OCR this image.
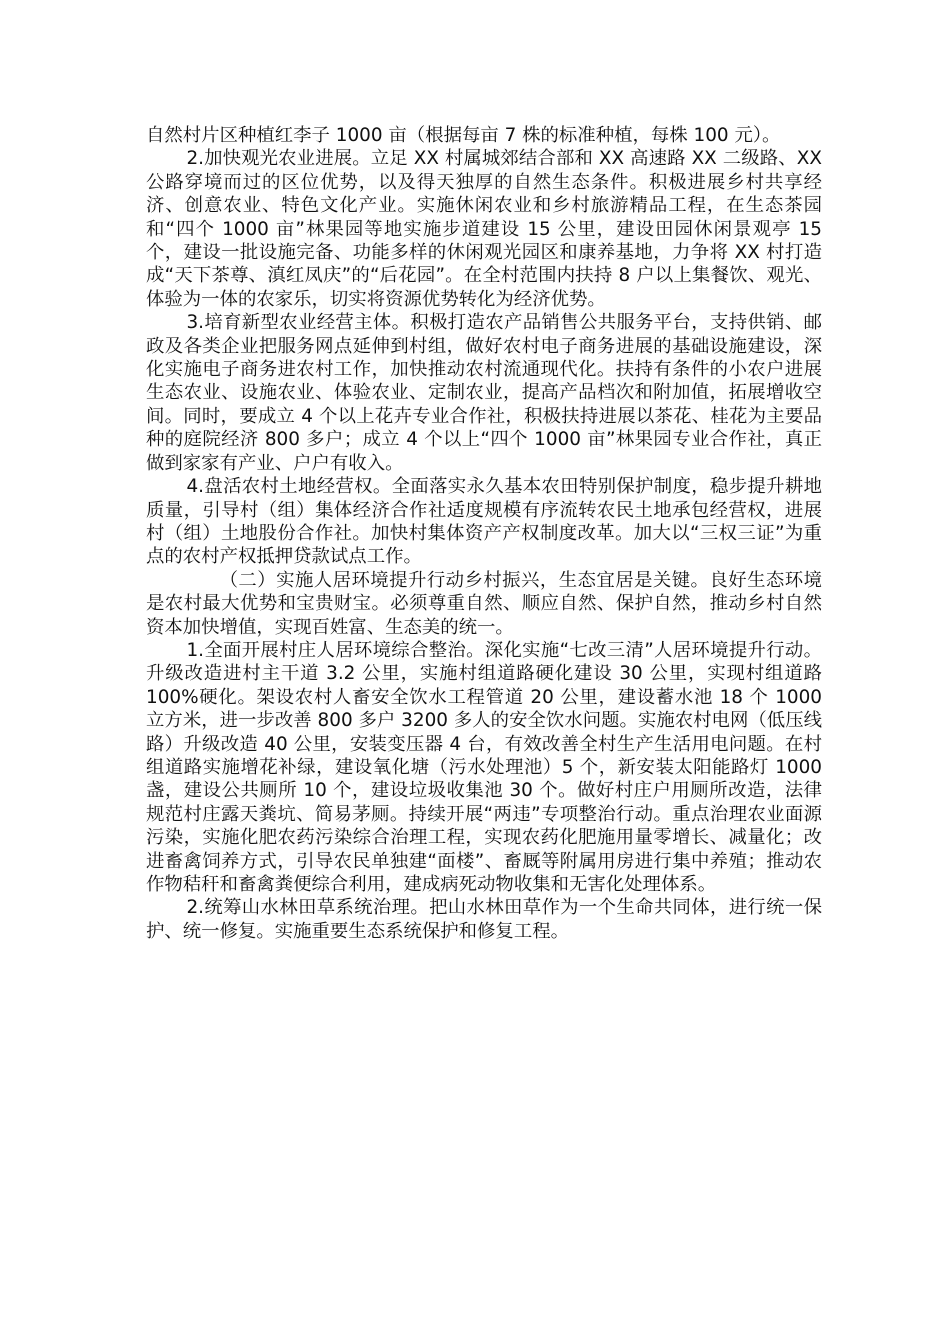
自然村片区种植红李子 1000 亩（根据每亩 7 株的标准种植，每株 100 元）。

2.加快观光农业进展。立足 XX 村属城郊结合部和 XX 高速路 XX 二级路、XX 公路穿境而过的区位优势，以及得天独厚的自然生态条件。积极进展乡村共享经济、创意农业、特色文化产业。实施休闲农业和乡村旅游精品工程，在生态茶园和“四个 1000 亩”林果园等地实施步道建设 15 公里，建设田园休闲景观亭 15 个，建设一批设施完备、功能多样的休闲观光园区和康养基地，力争将 XX 村打造成“天下茶尊、滇红凤庆”的“后花园”。在全村范围内扶持 8 户以上集餐饮、观光、体验为一体的农家乐，切实将资源优势转化为经济优势。

3.培育新型农业经营主体。积极打造农产品销售公共服务平台，支持供销、邮政及各类企业把服务网点延伸到村组，做好农村电子商务进展的基础设施建设，深化实施电子商务进农村工作，加快推动农村流通现代化。扶持有条件的小农户进展生态农业、设施农业、体验农业、定制农业，提高产品档次和附加值，拓展增收空间。同时，要成立 4 个以上花卉专业合作社，积极扶持进展以茶花、桂花为主要品种的庭院经济 800 多户；成立 4 个以上“四个 1000 亩”林果园专业合作社，真正做到家家有产业、户户有收入。

4.盘活农村土地经营权。全面落实永久基本农田特别保护制度，稳步提升耕地质量，引导村（组）集体经济合作社适度规模有序流转农民土地承包经营权，进展村（组）土地股份合作社。加快村集体资产产权制度改革。加大以“三权三证”为重点的农村产权抵押贷款试点工作。

（二）实施人居环境提升行动乡村振兴，生态宜居是关键。良好生态环境是农村最大优势和宝贵财宝。必须尊重自然、顺应自然、保护自然，推动乡村自然资本加快增值，实现百姓富、生态美的统一。

1.全面开展村庄人居环境综合整治。深化实施“七改三清”人居环境提升行动。升级改造进村主干道 3.2 公里，实施村组道路硬化建设 30 公里，实现村组道路 100%硬化。架设农村人畜安全饮水工程管道 20 公里，建设蓄水池 18 个 1000 立方米，进一步改善 800 多户 3200 多人的安全饮水问题。实施农村电网（低压线路）升级改造 40 公里，安装变压器 4 台，有效改善全村生产生活用电问题。在村组道路实施增花补绿，建设氧化塘（污水处理池）5 个，新安装太阳能路灯 1000 盏，建设公共厕所 10 个，建设垃圾收集池 30 个。做好村庄户用厕所改造，法律规范村庄露天粪坑、简易茅厕。持续开展“两违”专项整治行动。重点治理农业面源污染，实施化肥农药污染综合治理工程，实现农药化肥施用量零增长、减量化；改进畜禽饲养方式，引导农民单独建“面楼”、畜厩等附属用房进行集中养殖；推动农作物秸秆和畜禽粪便综合利用，建成病死动物收集和无害化处理体系。

2.统筹山水林田草系统治理。把山水林田草作为一个生命共同体，进行统一保护、统一修复。实施重要生态系统保护和修复工程。
